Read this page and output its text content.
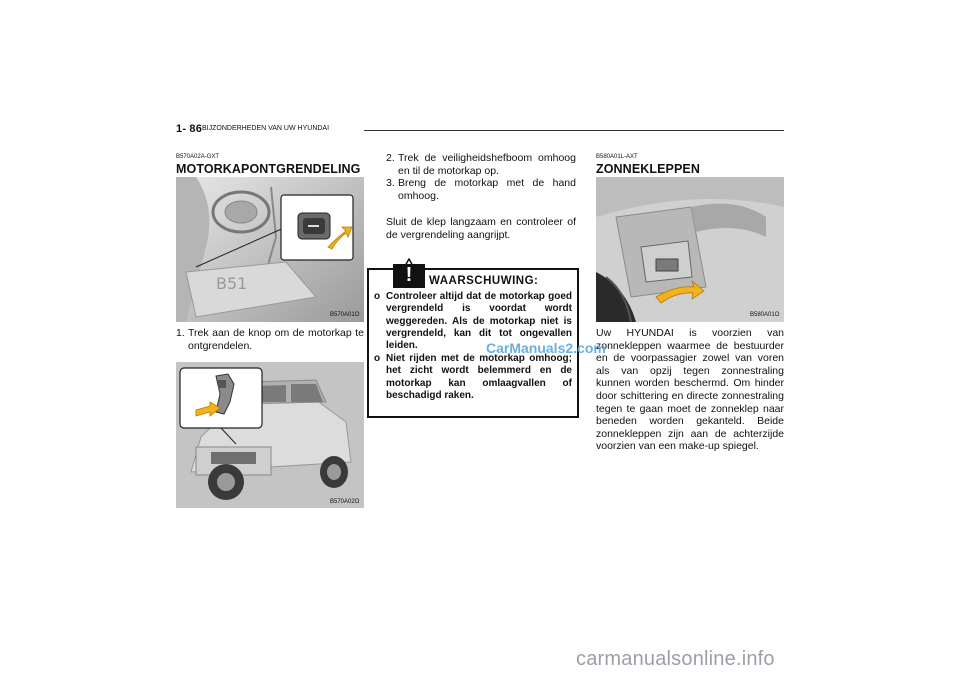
1- 86 BIJZONDERHEDEN VAN UW HYUNDAI
B570A02A-GXT
MOTORKAPONTGRENDELING
B51
B570A01O
1. Trek aan de knop om de motorkap te ontgrendelen.
B570A02O
2. Trek de veiligheidshefboom omhoog en til de motorkap op.
3. Breng de motorkap met de hand omhoog.
Sluit de klep langzaam en controleer of de vergrendeling aangrijpt.
!	WAARSCHUWING:
o Controleer altijd dat de motorkap goed vergrendeld is voordat wordt weggereden. Als de motorkap niet is vergrendeld, kan dit tot ongevallen leiden.
o Niet rijden met de motorkap omhoog; het zicht wordt belemmerd en de motorkap kan omlaagvallen of beschadigd raken.
B580A01L-AXT
ZONNEKLEPPEN
B580A01O
Uw HYUNDAI is voorzien van zonnekleppen waarmee de bestuurder en de voorpassagier zowel van voren als van opzij tegen zonnestraling kunnen worden beschermd. Om hinder door schittering en directe zonnestraling tegen te gaan moet de zonneklep naar beneden worden gekanteld. Beide zonnekleppen zijn aan de achterzijde voorzien van een make-up spiegel.
CarManuals2.com
carmanualsonline.info
